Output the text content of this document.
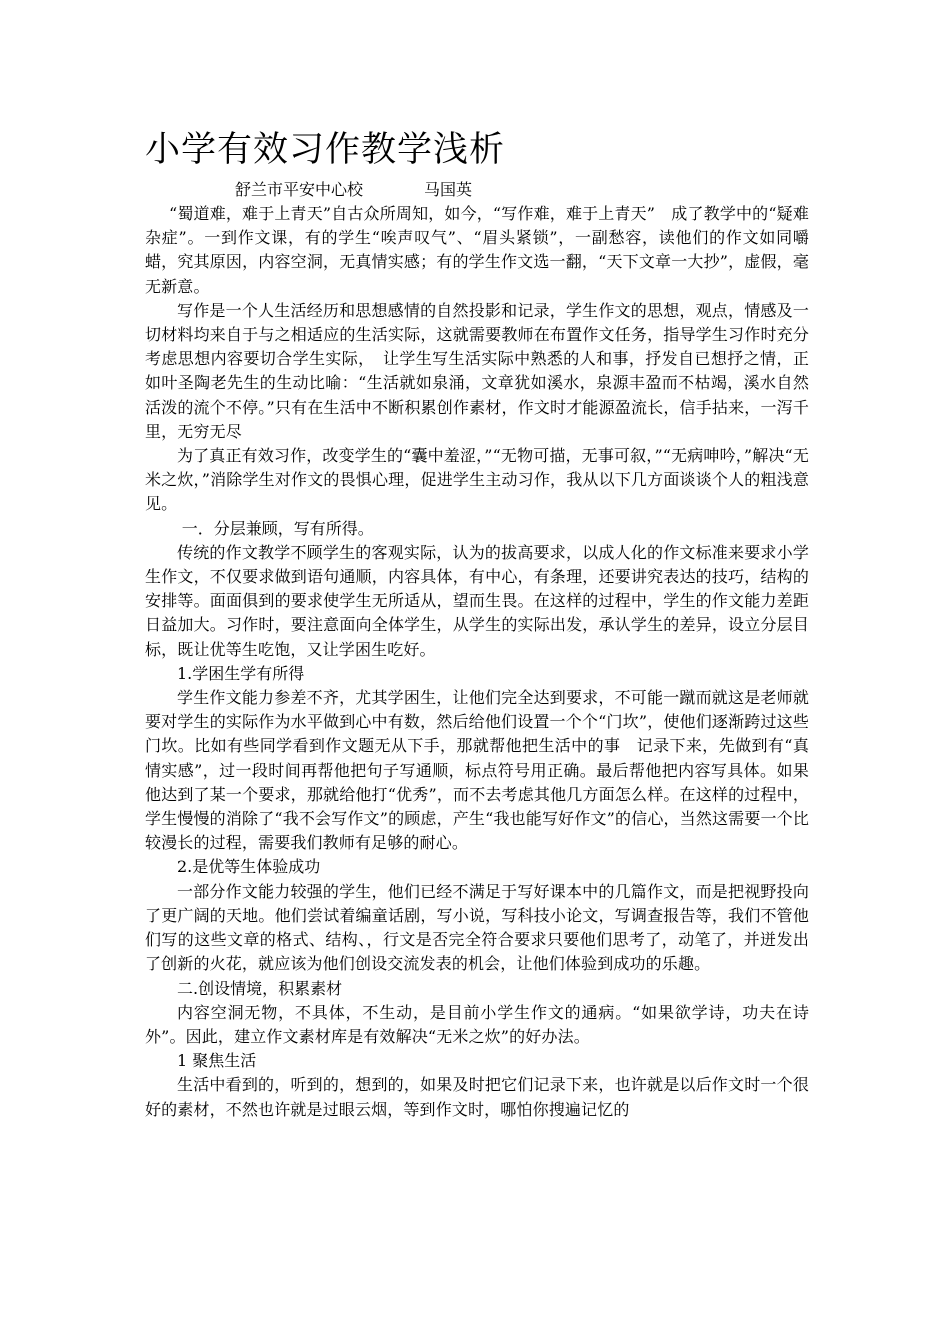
小学有效习作教学浅析
舒兰市平安中心校            马国英

“蜀道难，难于上青天”自古众所周知，如今，“写作难，难于上青天”　成了教学中的“疑难杂症”。一到作文课，有的学生“唉声叹气”、“眉头紧锁”，一副愁容，读他们的作文如同嚼蜡，究其原因，内容空洞，无真情实感；有的学生作文选一翻，“天下文章一大抄”，虚假，毫无新意。

写作是一个人生活经历和思想感情的自然投影和记录，学生作文的思想，观点，情感及一切材料均来自于与之相适应的生活实际，这就需要教师在布置作文任务，指导学生习作时充分考虑思想内容要切合学生实际，　让学生写生活实际中熟悉的人和事，抒发自已想抒之情，正如叶圣陶老先生的生动比喻：“生活就如泉涌，文章犹如溪水，泉源丰盈而不枯竭，溪水自然活泼的流个不停。”只有在生活中不断积累创作素材，作文时才能源盈流长，信手拈来，一泻千里，无穷无尽

为了真正有效习作，改变学生的“囊中羞涩，”“无物可描，无事可叙，”“无病呻吟，”解决“无米之炊，”消除学生对作文的畏惧心理，促进学生主动习作，我从以下几方面谈谈个人的粗浅意见。

一．分层兼顾，写有所得。

传统的作文教学不顾学生的客观实际，认为的拔高要求，以成人化的作文标准来要求小学生作文，不仅要求做到语句通顺，内容具体，有中心，有条理，还要讲究表达的技巧，结构的安排等。面面俱到的要求使学生无所适从，望而生畏。在这样的过程中，学生的作文能力差距日益加大。习作时，要注意面向全体学生，从学生的实际出发，承认学生的差异，设立分层目标，既让优等生吃饱，又让学困生吃好。

1.学困生学有所得

学生作文能力参差不齐，尤其学困生，让他们完全达到要求，不可能一蹴而就这是老师就要对学生的实际作为水平做到心中有数，然后给他们设置一个个“门坎”，使他们逐渐跨过这些门坎。比如有些同学看到作文题无从下手，那就帮他把生活中的事　记录下来，先做到有“真情实感”，过一段时间再帮他把句子写通顺，标点符号用正确。最后帮他把内容写具体。如果他达到了某一个要求，那就给他打“优秀”，而不去考虑其他几方面怎么样。在这样的过程中，学生慢慢的消除了“我不会写作文”的顾虑，产生“我也能写好作文”的信心，当然这需要一个比较漫长的过程，需要我们教师有足够的耐心。

2.是优等生体验成功

一部分作文能力较强的学生，他们已经不满足于写好课本中的几篇作文，而是把视野投向了更广阔的天地。他们尝试着编童话剧，写小说，写科技小论文，写调查报告等，我们不管他们写的这些文章的格式、结构、，行文是否完全符合要求只要他们思考了，动笔了，并迸发出了创新的火花，就应该为他们创设交流发表的机会，让他们体验到成功的乐趣。

二.创设情境，积累素材

内容空洞无物，不具体，不生动，是目前小学生作文的通病。“如果欲学诗，功夫在诗外”。因此，建立作文素材库是有效解决“无米之炊”的好办法。

1 聚焦生活

生活中看到的，听到的，想到的，如果及时把它们记录下来，也许就是以后作文时一个很好的素材，不然也许就是过眼云烟，等到作文时，哪怕你搜遍记忆的
